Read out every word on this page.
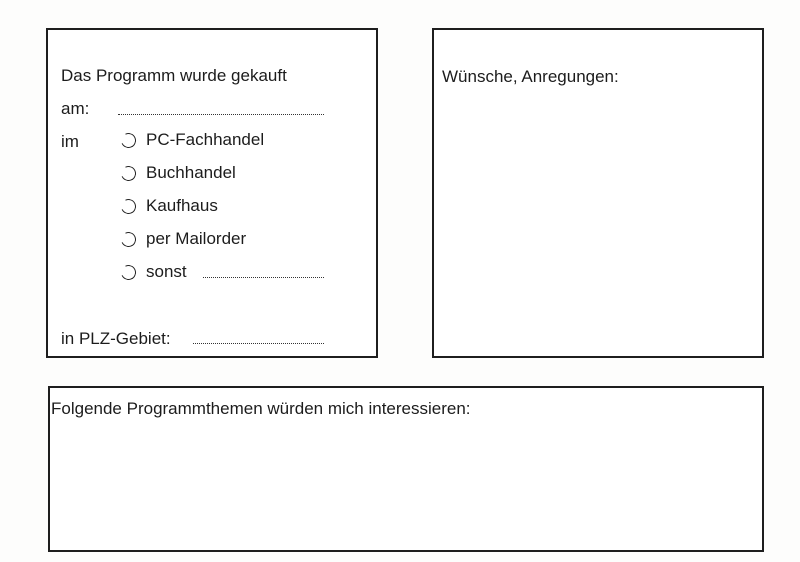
Das Programm wurde gekauft
am:
im	PC-Fachhandel
Buchhandel
Kaufhaus
per Mailorder
sonst
in PLZ-Gebiet:
Wünsche, Anregungen:
Folgende Programmthemen würden mich interessieren:
